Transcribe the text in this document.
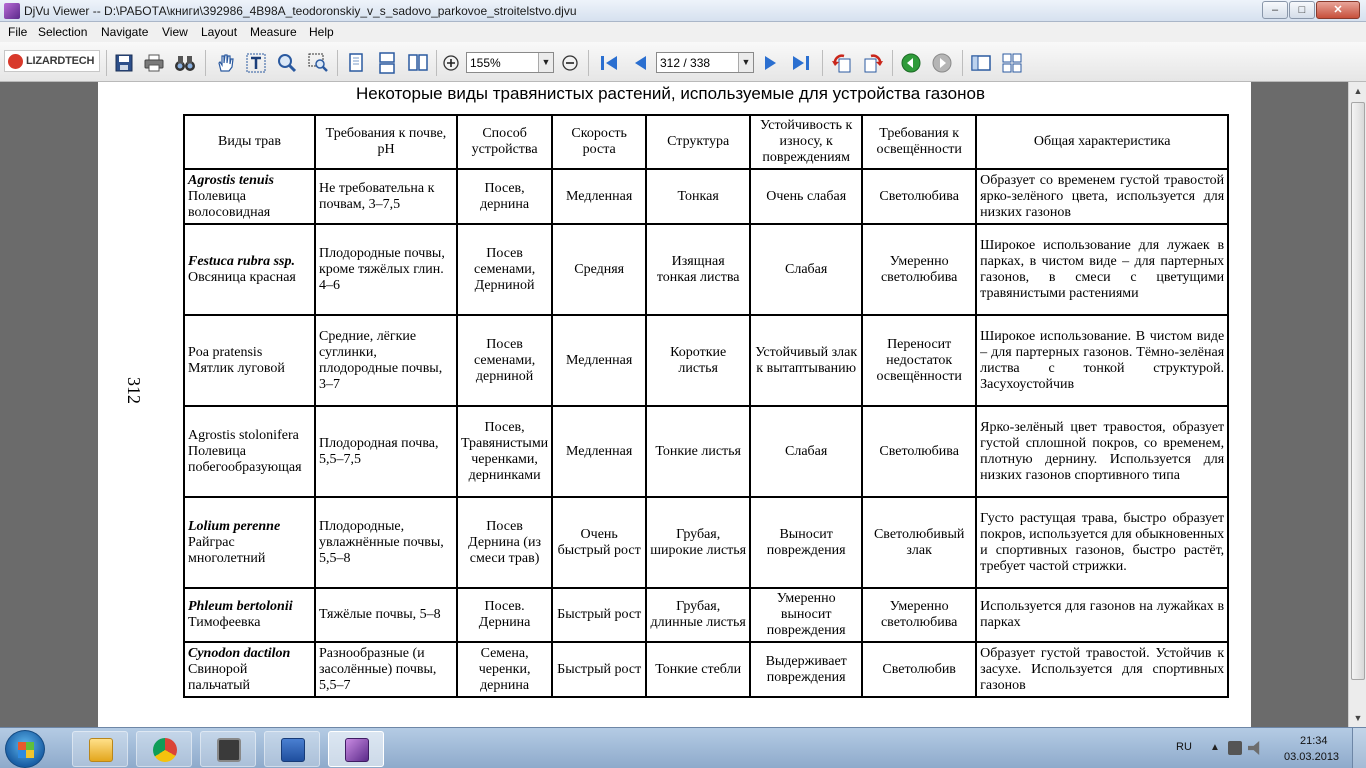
DjVu Viewer -- D:\РАБОТА\книги\392986_4B98A_teodoronskiy_v_s_sadovo_parkovoe_stroitelstvo.djvu	–	□	✕
File Selection Navigate View Layout Measure Help
LIZARDTECH	155%	▼	312 / 338	▼
312
Некоторые виды травянистых растений, используемые для устройства газонов
Виды трав	Требования к почве, pH	Способ устройства	Скорость роста	Структура	Устойчивость к износу, к повреждениям	Требования к освещённости	Общая характеристика

Agrostis tenuis
Полевица волосовидная	Не требовательна к почвам, 3–7,5	Посев, дернина	Медленная	Тонкая	Очень слабая	Светолюбива	Образует со временем густой травостой ярко-зелёного цвета, используется для низких газонов

Festuca rubra ssp.
Овсяница красная	Плодородные почвы, кроме тяжёлых глин. 4–6	Посев семенами, Дерниной	Средняя	Изящная тонкая листва	Слабая	Умеренно светолюбива	Широкое использование для лужаек в парках, в чистом виде – для партерных газонов, в смеси с цветущими травянистыми растениями
Poa pratensis Мятлик луговой	Средние, лёгкие суглинки, плодородные почвы, 3–7	Посев семенами, дерниной	Медленная	Короткие листья	Устойчивый злак к вытаптыванию	Переносит недостаток освещённости	Широкое использование. В чистом виде – для партерных газонов. Тёмно-зелёная листва с тонкой структурой. Засухоустойчив
Agrostis stolonifera Полевица побегообразующая	Плодородная почва, 5,5–7,5	Посев, Травянистыми черенками, дернинками	Медленная	Тонкие листья	Слабая	Светолюбива	Ярко-зелёный цвет травостоя, образует густой сплошной покров, со временем, плотную дернину. Используется для низких газонов спортивного типа

Lolium perenne
Райграс многолетний	Плодородные, увлажнённые почвы, 5,5–8	Посев Дернина (из смеси трав)	Очень быстрый рост	Грубая, широкие листья	Выносит повреждения	Светолюбивый злак	Густо растущая трава, быстро образует покров, используется для обыкновенных и спортивных газонов, быстро растёт, требует частой стрижки.

Phleum bertolonii
Тимофеевка	Тяжёлые почвы, 5–8	Посев. Дернина	Быстрый рост	Грубая, длинные листья	Умеренно выносит повреждения	Умеренно светолюбива	Используется для газонов на лужайках в парках

Cynodon dactilon
Свинорой пальчатый	Разнообразные (и засолённые) почвы, 5,5–7	Семена, черенки, дернина	Быстрый рост	Тонкие стебли	Выдерживает повреждения	Светолюбив	Образует густой травостой. Устойчив к засухе. Используется для спортивных газонов
▲
▼
RU ▲
21:34
03.03.2013
